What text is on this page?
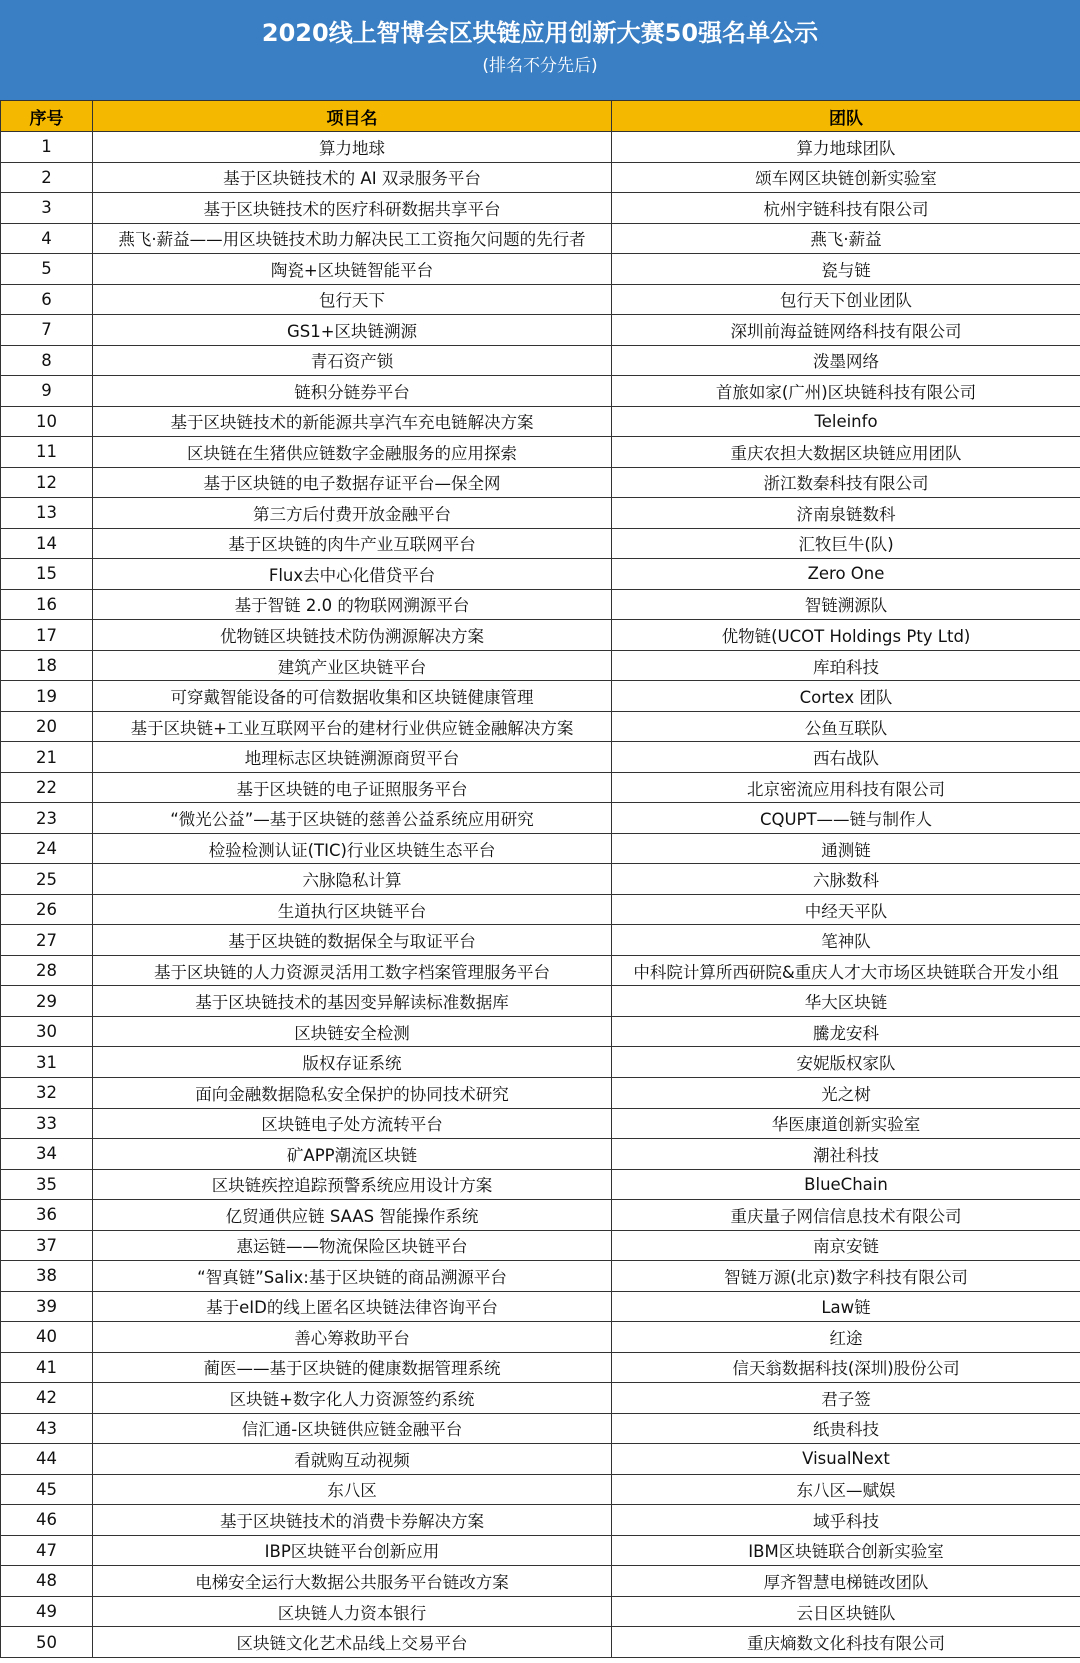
2020线上智博会区块链应用创新大赛50强名单公示
(排名不分先后)
序号	项目名	团队
1	算力地球	算力地球团队
2	基于区块链技术的 AI 双录服务平台	颂车网区块链创新实验室
3	基于区块链技术的医疗科研数据共享平台	杭州宇链科技有限公司
4	燕飞·薪益——用区块链技术助力解决民工工资拖欠问题的先行者	燕飞·薪益
5	陶瓷+区块链智能平台	瓷与链
6	包行天下	包行天下创业团队
7	GS1+区块链溯源	深圳前海益链网络科技有限公司
8	青石资产锁	泼墨网络
9	链积分链券平台	首旅如家(广州)区块链科技有限公司
10	基于区块链技术的新能源共享汽车充电链解决方案	Teleinfo
11	区块链在生猪供应链数字金融服务的应用探索	重庆农担大数据区块链应用团队
12	基于区块链的电子数据存证平台—保全网	浙江数秦科技有限公司
13	第三方后付费开放金融平台	济南泉链数科
14	基于区块链的肉牛产业互联网平台	汇牧巨牛(队)
15	Flux去中心化借贷平台	Zero One
16	基于智链 2.0 的物联网溯源平台	智链溯源队
17	优物链区块链技术防伪溯源解决方案	优物链(UCOT Holdings Pty Ltd)
18	建筑产业区块链平台	库珀科技
19	可穿戴智能设备的可信数据收集和区块链健康管理	Cortex 团队
20	基于区块链+工业互联网平台的建材行业供应链金融解决方案	公鱼互联队
21	地理标志区块链溯源商贸平台	西右战队
22	基于区块链的电子证照服务平台	北京密流应用科技有限公司
23	“微光公益”—基于区块链的慈善公益系统应用研究	CQUPT——链与制作人
24	检验检测认证(TIC)行业区块链生态平台	通测链
25	六脉隐私计算	六脉数科
26	生道执行区块链平台	中经天平队
27	基于区块链的数据保全与取证平台	笔神队
28	基于区块链的人力资源灵活用工数字档案管理服务平台	中科院计算所西研院&重庆人才大市场区块链联合开发小组
29	基于区块链技术的基因变异解读标准数据库	华大区块链
30	区块链安全检测	騰龙安科
31	版权存证系统	安妮版权家队
32	面向金融数据隐私安全保护的协同技术研究	光之树
33	区块链电子处方流转平台	华医康道创新实验室
34	矿APP潮流区块链	潮社科技
35	区块链疾控追踪预警系统应用设计方案	BlueChain
36	亿贸通供应链 SAAS 智能操作系统	重庆量子网信信息技术有限公司
37	惠运链——物流保险区块链平台	南京安链
38	“智真链”Salix:基于区块链的商品溯源平台	智链万源(北京)数字科技有限公司
39	基于eID的线上匿名区块链法律咨询平台	Law链
40	善心筹救助平台	红途
41	蔺医——基于区块链的健康数据管理系统	信天翁数据科技(深圳)股份公司
42	区块链+数字化人力资源签约系统	君子签
43	信汇通-区块链供应链金融平台	纸贵科技
44	看就购互动视频	VisualNext
45	东八区	东八区—赋娱
46	基于区块链技术的消费卡券解决方案	域乎科技
47	IBP区块链平台创新应用	IBM区块链联合创新实验室
48	电梯安全运行大数据公共服务平台链改方案	厚齐智慧电梯链改团队
49	区块链人力资本银行	云日区块链队
50	区块链文化艺术品线上交易平台	重庆熵数文化科技有限公司
